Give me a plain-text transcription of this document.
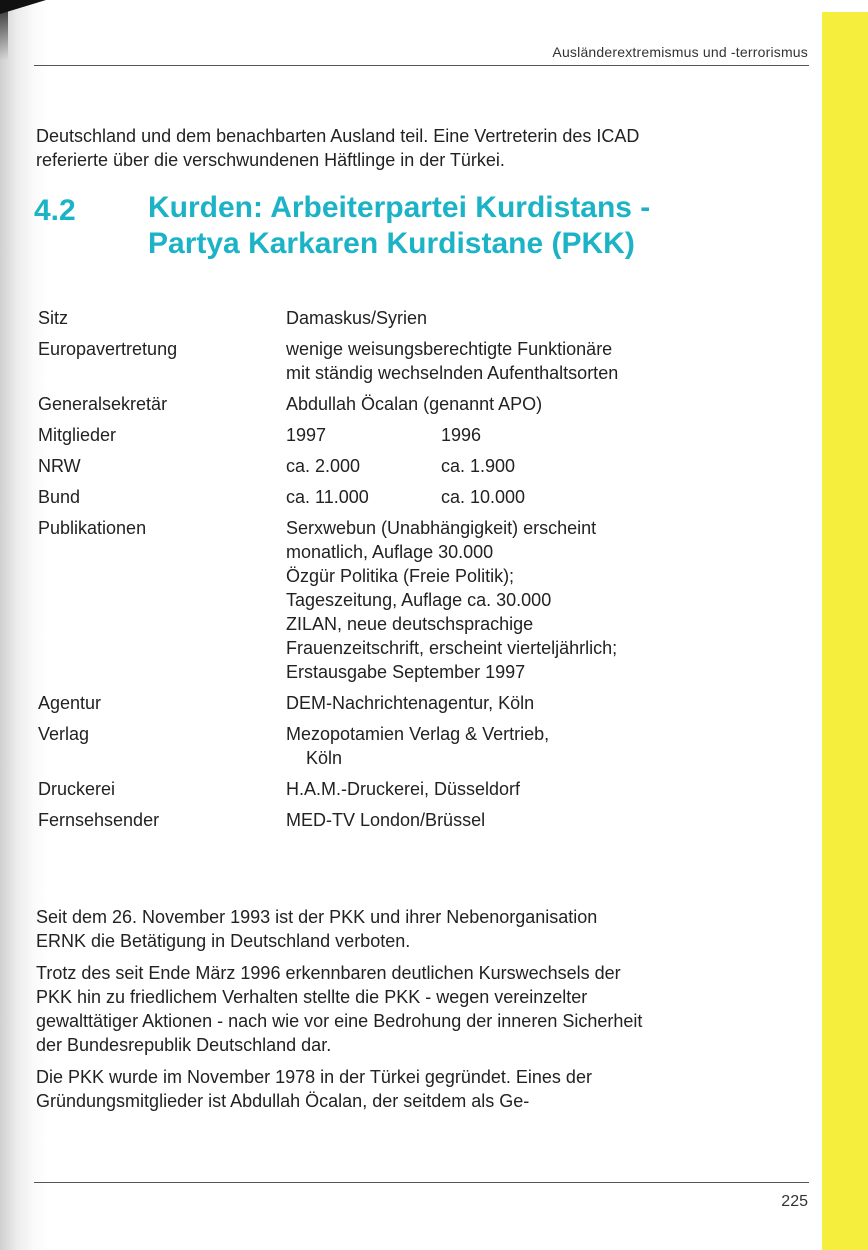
Ausländerextremismus und -terrorismus

Deutschland und dem benachbarten Ausland teil. Eine Vertreterin des ICAD referierte über die verschwundenen Häftlinge in der Türkei.

4.2 Kurden: Arbeiterpartei Kurdistans - Partya Karkaren Kurdistane (PKK)
Sitz	Damaskus/Syrien
Europavertretung	wenige weisungsberechtigte Funktionäre mit ständig wechselnden Aufenthaltsorten
Generalsekretär	Abdullah Öcalan (genannt APO)
Mitglieder	1997	1996
NRW	ca. 2.000	ca. 1.900
Bund	ca. 11.000	ca. 10.000
Publikationen	Serxwebun (Unabhängigkeit) erscheint monatlich, Auflage 30.000
Özgür Politika (Freie Politik); Tageszeitung, Auflage ca. 30.000
ZILAN, neue deutschsprachige Frauenzeitschrift, erscheint vierteljährlich; Erstausgabe September 1997
Agentur	DEM-Nachrichtenagentur, Köln
Verlag	Mezopotamien Verlag & Vertrieb,
Köln
Druckerei	H.A.M.-Druckerei, Düsseldorf
Fernsehsender	MED-TV London/Brüssel

Seit dem 26. November 1993 ist der PKK und ihrer Nebenorganisation ERNK die Betätigung in Deutschland verboten.

Trotz des seit Ende März 1996 erkennbaren deutlichen Kurswechsels der PKK hin zu friedlichem Verhalten stellte die PKK - wegen vereinzelter gewalttätiger Aktionen - nach wie vor eine Bedrohung der inneren Sicherheit der Bundesrepublik Deutschland dar.

Die PKK wurde im November 1978 in der Türkei gegründet. Eines der Gründungsmitglieder ist Abdullah Öcalan, der seitdem als Ge-

225
